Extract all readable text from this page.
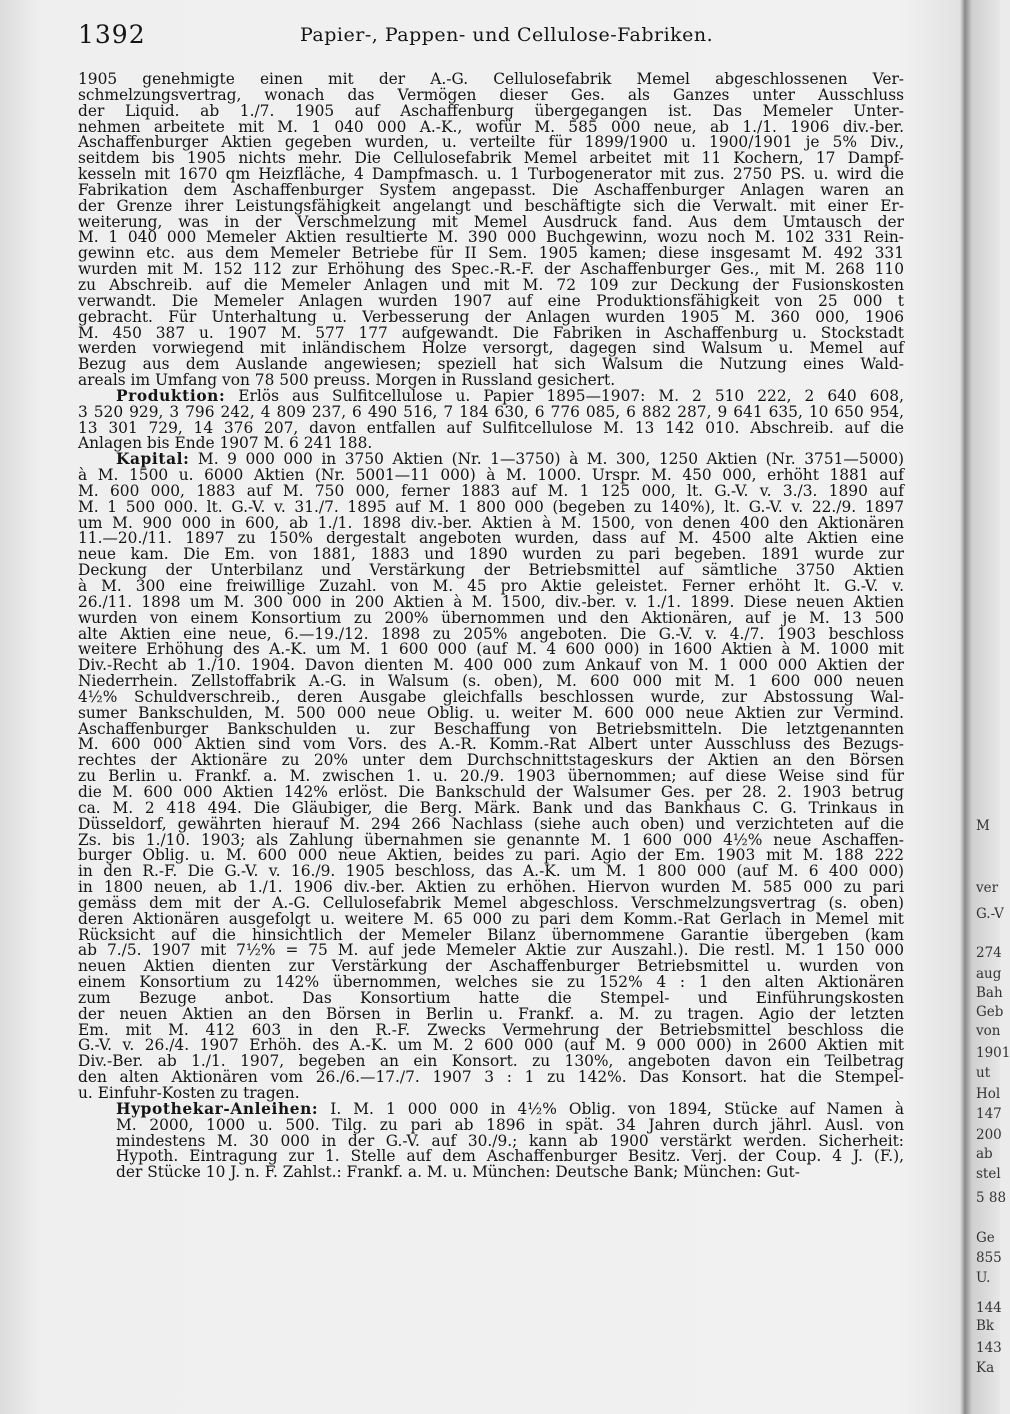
1392	Papier-, Pappen- und Cellulose-Fabriken.

1905 genehmigte einen mit der A.-G. Cellulosefabrik Memel abgeschlossenen Ver-
schmelzungsvertrag, wonach das Vermögen dieser Ges. als Ganzes unter Ausschluss
der Liquid. ab 1./7. 1905 auf Aschaffenburg übergegangen ist. Das Memeler Unter-
nehmen arbeitete mit M. 1 040 000 A.-K., wofür M. 585 000 neue, ab 1./1. 1906 div.-ber.
Aschaffenburger Aktien gegeben wurden, u. verteilte für 1899/1900 u. 1900/1901 je 5% Div.,
seitdem bis 1905 nichts mehr. Die Cellulosefabrik Memel arbeitet mit 11 Kochern, 17 Dampf-
kesseln mit 1670 qm Heizfläche, 4 Dampfmasch. u. 1 Turbogenerator mit zus. 2750 PS. u. wird die
Fabrikation dem Aschaffenburger System angepasst. Die Aschaffenburger Anlagen waren an
der Grenze ihrer Leistungsfähigkeit angelangt und beschäftigte sich die Verwalt. mit einer Er-
weiterung, was in der Verschmelzung mit Memel Ausdruck fand. Aus dem Umtausch der
M. 1 040 000 Memeler Aktien resultierte M. 390 000 Buchgewinn, wozu noch M. 102 331 Rein-
gewinn etc. aus dem Memeler Betriebe für II Sem. 1905 kamen; diese insgesamt M. 492 331
wurden mit M. 152 112 zur Erhöhung des Spec.-R.-F. der Aschaffenburger Ges., mit M. 268 110
zu Abschreib. auf die Memeler Anlagen und mit M. 72 109 zur Deckung der Fusionskosten
verwandt. Die Memeler Anlagen wurden 1907 auf eine Produktionsfähigkeit von 25 000 t
gebracht. Für Unterhaltung u. Verbesserung der Anlagen wurden 1905 M. 360 000, 1906
M. 450 387 u. 1907 M. 577 177 aufgewandt. Die Fabriken in Aschaffenburg u. Stockstadt
werden vorwiegend mit inländischem Holze versorgt, dagegen sind Walsum u. Memel auf
Bezug aus dem Auslande angewiesen; speziell hat sich Walsum die Nutzung eines Wald-
areals im Umfang von 78 500 preuss. Morgen in Russland gesichert.

Produktion: Erlös aus Sulfitcellulose u. Papier 1895—1907: M. 2 510 222, 2 640 608,
3 520 929, 3 796 242, 4 809 237, 6 490 516, 7 184 630, 6 776 085, 6 882 287, 9 641 635, 10 650 954,
13 301 729, 14 376 207, davon entfallen auf Sulfitcellulose M. 13 142 010. Abschreib. auf die
Anlagen bis Ende 1907 M. 6 241 188.

Kapital: M. 9 000 000 in 3750 Aktien (Nr. 1—3750) à M. 300, 1250 Aktien (Nr. 3751—5000)
à M. 1500 u. 6000 Aktien (Nr. 5001—11 000) à M. 1000. Urspr. M. 450 000, erhöht 1881 auf
M. 600 000, 1883 auf M. 750 000, ferner 1883 auf M. 1 125 000, lt. G.-V. v. 3./3. 1890 auf
M. 1 500 000. lt. G.-V. v. 31./7. 1895 auf M. 1 800 000 (begeben zu 140%), lt. G.-V. v. 22./9. 1897
um M. 900 000 in 600, ab 1./1. 1898 div.-ber. Aktien à M. 1500, von denen 400 den Aktionären
11.—20./11. 1897 zu 150% dergestalt angeboten wurden, dass auf M. 4500 alte Aktien eine
neue kam. Die Em. von 1881, 1883 und 1890 wurden zu pari begeben. 1891 wurde zur
Deckung der Unterbilanz und Verstärkung der Betriebsmittel auf sämtliche 3750 Aktien
à M. 300 eine freiwillige Zuzahl. von M. 45 pro Aktie geleistet. Ferner erhöht lt. G.-V. v.
26./11. 1898 um M. 300 000 in 200 Aktien à M. 1500, div.-ber. v. 1./1. 1899. Diese neuen Aktien
wurden von einem Konsortium zu 200% übernommen und den Aktionären, auf je M. 13 500
alte Aktien eine neue, 6.—19./12. 1898 zu 205% angeboten. Die G.-V. v. 4./7. 1903 beschloss
weitere Erhöhung des A.-K. um M. 1 600 000 (auf M. 4 600 000) in 1600 Aktien à M. 1000 mit
Div.-Recht ab 1./10. 1904. Davon dienten M. 400 000 zum Ankauf von M. 1 000 000 Aktien der
Niederrhein. Zellstoffabrik A.-G. in Walsum (s. oben), M. 600 000 mit M. 1 600 000 neuen
4½% Schuldverschreib., deren Ausgabe gleichfalls beschlossen wurde, zur Abstossung Wal-
sumer Bankschulden, M. 500 000 neue Oblig. u. weiter M. 600 000 neue Aktien zur Vermind.
Aschaffenburger Bankschulden u. zur Beschaffung von Betriebsmitteln. Die letztgenannten
M. 600 000 Aktien sind vom Vors. des A.-R. Komm.-Rat Albert unter Ausschluss des Bezugs-
rechtes der Aktionäre zu 20% unter dem Durchschnittstageskurs der Aktien an den Börsen
zu Berlin u. Frankf. a. M. zwischen 1. u. 20./9. 1903 übernommen; auf diese Weise sind für
die M. 600 000 Aktien 142% erlöst. Die Bankschuld der Walsumer Ges. per 28. 2. 1903 betrug
ca. M. 2 418 494. Die Gläubiger, die Berg. Märk. Bank und das Bankhaus C. G. Trinkaus in
Düsseldorf, gewährten hierauf M. 294 266 Nachlass (siehe auch oben) und verzichteten auf die
Zs. bis 1./10. 1903; als Zahlung übernahmen sie genannte M. 1 600 000 4½% neue Aschaffen-
burger Oblig. u. M. 600 000 neue Aktien, beides zu pari. Agio der Em. 1903 mit M. 188 222
in den R.-F. Die G.-V. v. 16./9. 1905 beschloss, das A.-K. um M. 1 800 000 (auf M. 6 400 000)
in 1800 neuen, ab 1./1. 1906 div.-ber. Aktien zu erhöhen. Hiervon wurden M. 585 000 zu pari
gemäss dem mit der A.-G. Cellulosefabrik Memel abgeschloss. Verschmelzungsvertrag (s. oben)
deren Aktionären ausgefolgt u. weitere M. 65 000 zu pari dem Komm.-Rat Gerlach in Memel mit
Rücksicht auf die hinsichtlich der Memeler Bilanz übernommene Garantie übergeben (kam
ab 7./5. 1907 mit 7½% = 75 M. auf jede Memeler Aktie zur Auszahl.). Die restl. M. 1 150 000
neuen Aktien dienten zur Verstärkung der Aschaffenburger Betriebsmittel u. wurden von
einem Konsortium zu 142% übernommen, welches sie zu 152% 4 : 1 den alten Aktionären
zum Bezuge anbot. Das Konsortium hatte die Stempel- und Einführungskosten
der neuen Aktien an den Börsen in Berlin u. Frankf. a. M. zu tragen. Agio der letzten
Em. mit M. 412 603 in den R.-F. Zwecks Vermehrung der Betriebsmittel beschloss die
G.-V. v. 26./4. 1907 Erhöh. des A.-K. um M. 2 600 000 (auf M. 9 000 000) in 2600 Aktien mit
Div.-Ber. ab 1./1. 1907, begeben an ein Konsort. zu 130%, angeboten davon ein Teilbetrag
den alten Aktionären vom 26./6.—17./7. 1907 3 : 1 zu 142%. Das Konsort. hat die Stempel-
u. Einfuhr-Kosten zu tragen.

Hypothekar-Anleihen: I. M. 1 000 000 in 4½% Oblig. von 1894, Stücke auf Namen à
M. 2000, 1000 u. 500. Tilg. zu pari ab 1896 in spät. 34 Jahren durch jährl. Ausl. von
mindestens M. 30 000 in der G.-V. auf 30./9.; kann ab 1900 verstärkt werden. Sicherheit:
Hypoth. Eintragung zur 1. Stelle auf dem Aschaffenburger Besitz. Verj. der Coup. 4 J. (F.),
der Stücke 10 J. n. F. Zahlst.: Frankf. a. M. u. München: Deutsche Bank; München: Gut-

M
ver
G.-V
274
aug
Bah
Geb
von
1901
ut
Hol
147
200
ab
stel
5 88
Ge
855
U.
144
Bk
143
Ka
